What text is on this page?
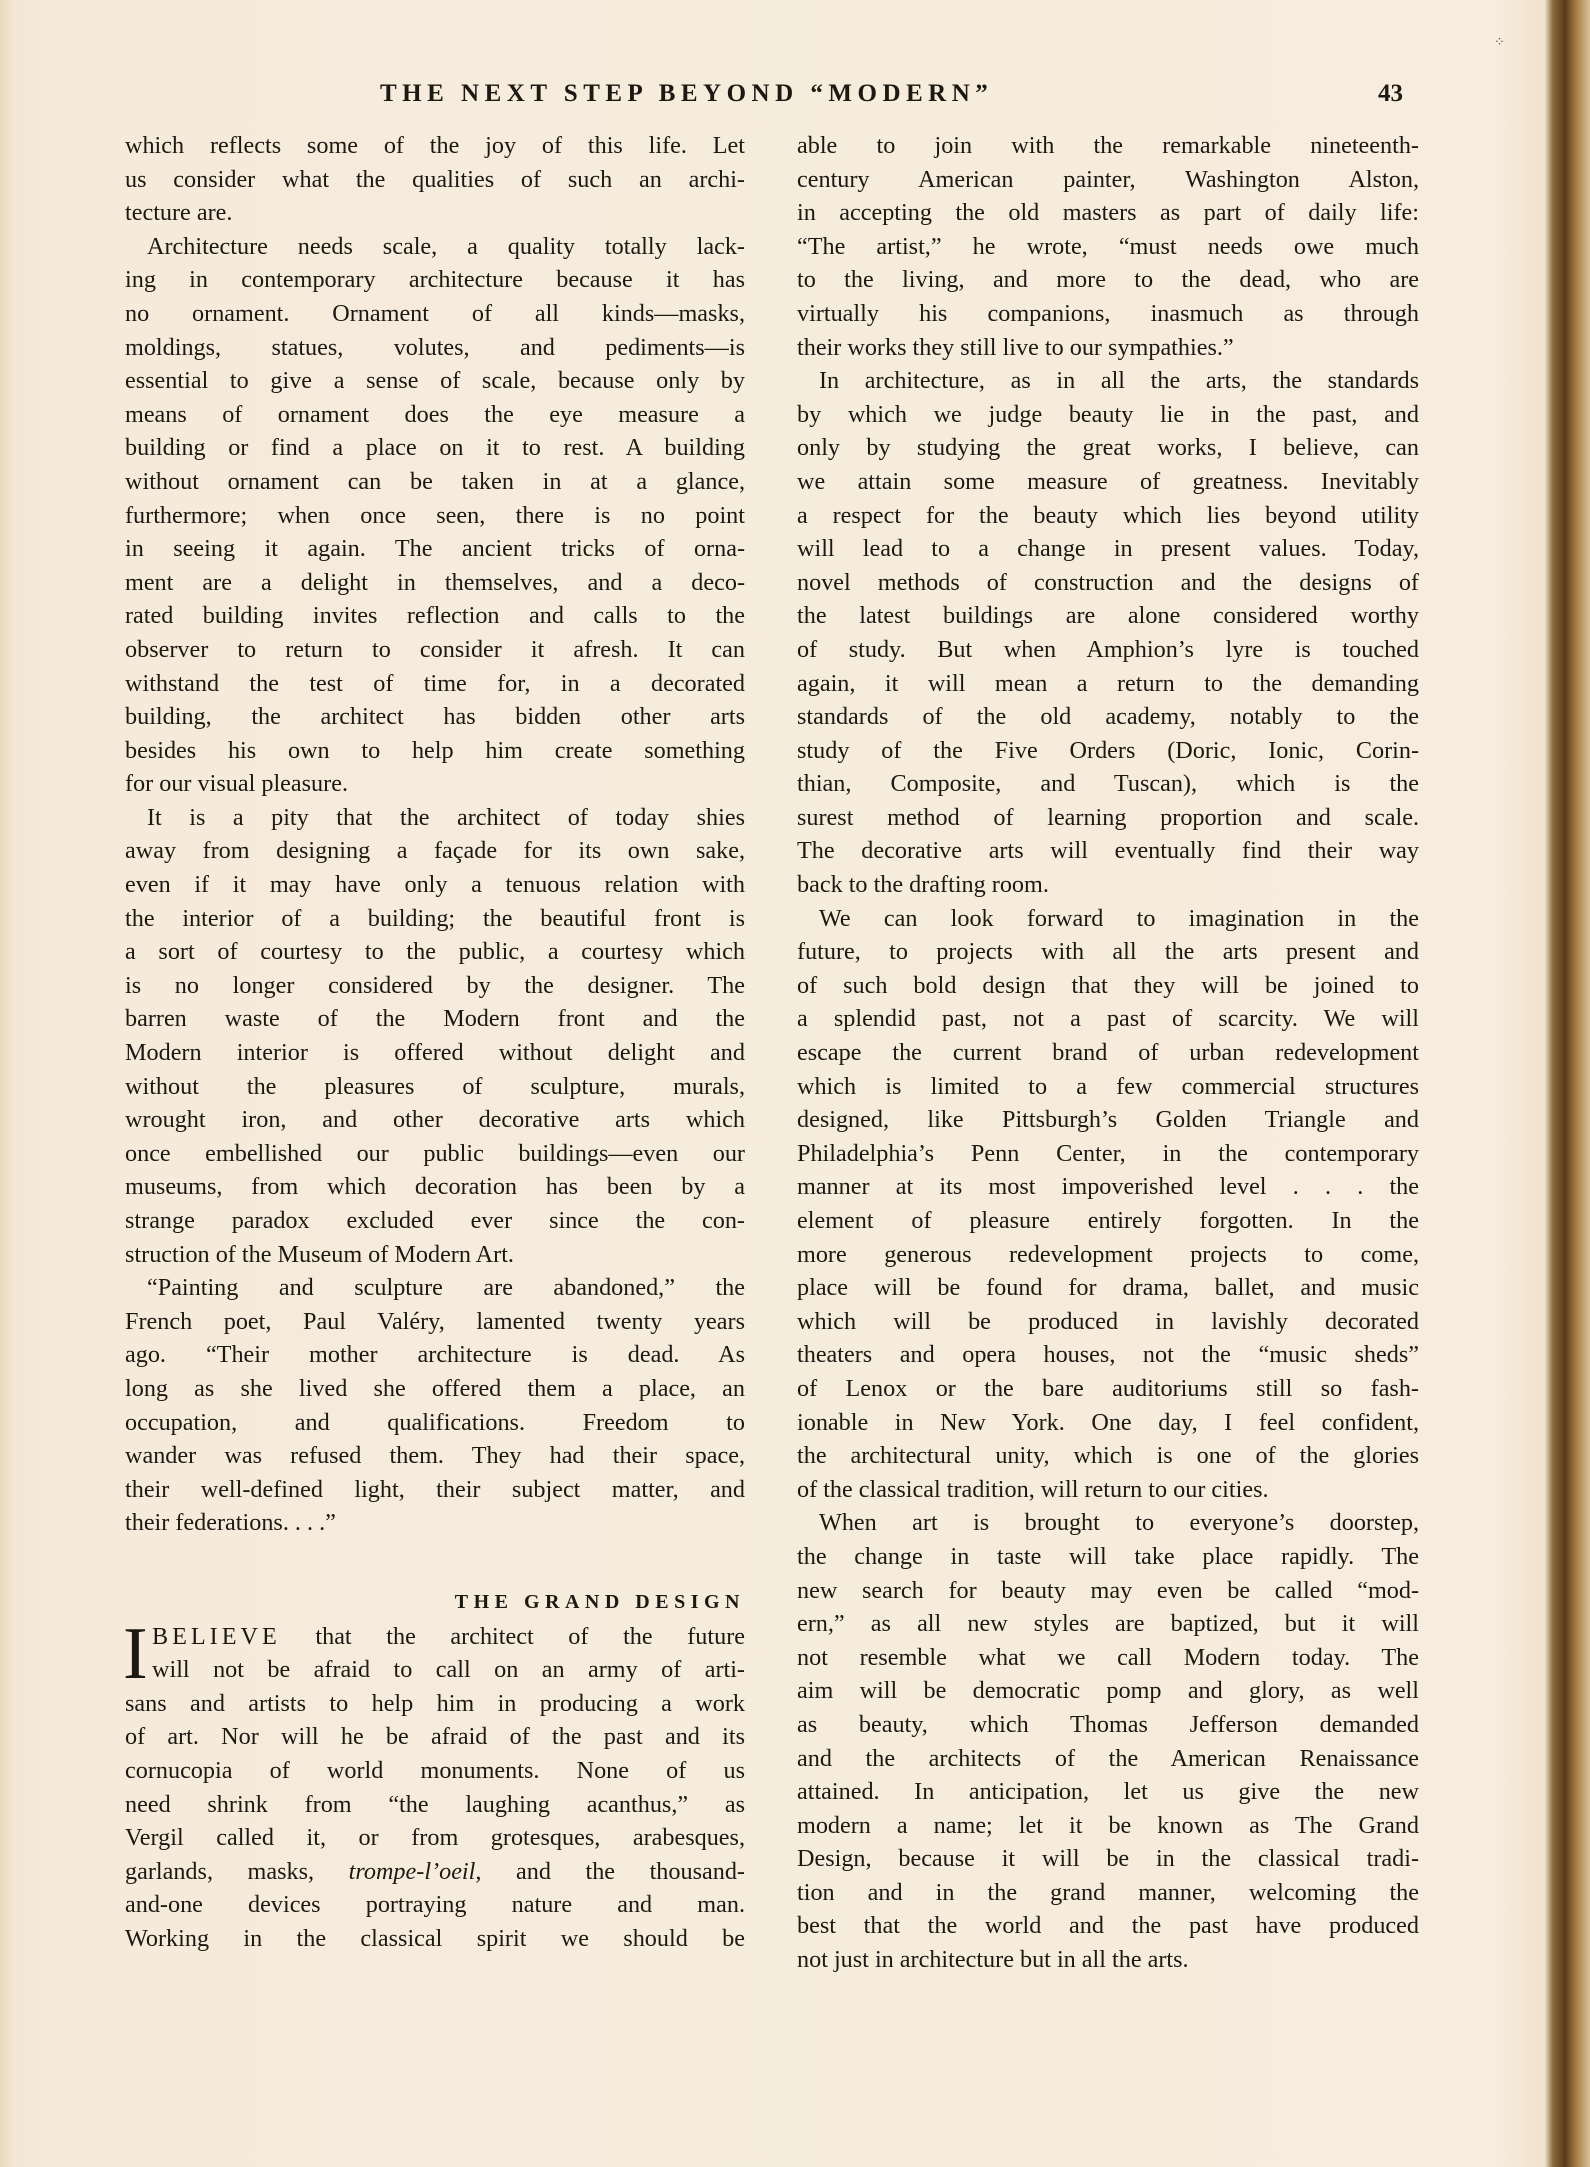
⁘
THE NEXT STEP BEYOND “MODERN”	43
which reflects some of the joy of this life. Let
us consider what the qualities of such an archi-
tecture are.
Architecture needs scale, a quality totally lack-
ing in contemporary architecture because it has
no ornament. Ornament of all kinds—masks,
moldings, statues, volutes, and pediments—is
essential to give a sense of scale, because only by
means of ornament does the eye measure a
building or find a place on it to rest. A building
without ornament can be taken in at a glance,
furthermore; when once seen, there is no point
in seeing it again. The ancient tricks of orna-
ment are a delight in themselves, and a deco-
rated building invites reflection and calls to the
observer to return to consider it afresh. It can
withstand the test of time for, in a decorated
building, the architect has bidden other arts
besides his own to help him create something
for our visual pleasure.
It is a pity that the architect of today shies
away from designing a façade for its own sake,
even if it may have only a tenuous relation with
the interior of a building; the beautiful front is
a sort of courtesy to the public, a courtesy which
is no longer considered by the designer. The
barren waste of the Modern front and the
Modern interior is offered without delight and
without the pleasures of sculpture, murals,
wrought iron, and other decorative arts which
once embellished our public buildings—even our
museums, from which decoration has been by a
strange paradox excluded ever since the con-
struction of the Museum of Modern Art.
“Painting and sculpture are abandoned,” the
French poet, Paul Valéry, lamented twenty years
ago. “Their mother architecture is dead. As
long as she lived she offered them a place, an
occupation, and qualifications. Freedom to
wander was refused them. They had their space,
their well-defined light, their subject matter, and
their federations. . . .”
THE GRAND DESIGN
I BELIEVE that the architect of the future
will not be afraid to call on an army of arti-
sans and artists to help him in producing a work
of art. Nor will he be afraid of the past and its
cornucopia of world monuments. None of us
need shrink from “the laughing acanthus,” as
Vergil called it, or from grotesques, arabesques,
garlands, masks, trompe-l’oeil, and the thousand-
and-one devices portraying nature and man.
Working in the classical spirit we should be
able to join with the remarkable nineteenth-
century American painter, Washington Alston,
in accepting the old masters as part of daily life:
“The artist,” he wrote, “must needs owe much
to the living, and more to the dead, who are
virtually his companions, inasmuch as through
their works they still live to our sympathies.”
In architecture, as in all the arts, the standards
by which we judge beauty lie in the past, and
only by studying the great works, I believe, can
we attain some measure of greatness. Inevitably
a respect for the beauty which lies beyond utility
will lead to a change in present values. Today,
novel methods of construction and the designs of
the latest buildings are alone considered worthy
of study. But when Amphion’s lyre is touched
again, it will mean a return to the demanding
standards of the old academy, notably to the
study of the Five Orders (Doric, Ionic, Corin-
thian, Composite, and Tuscan), which is the
surest method of learning proportion and scale.
The decorative arts will eventually find their way
back to the drafting room.
We can look forward to imagination in the
future, to projects with all the arts present and
of such bold design that they will be joined to
a splendid past, not a past of scarcity. We will
escape the current brand of urban redevelopment
which is limited to a few commercial structures
designed, like Pittsburgh’s Golden Triangle and
Philadelphia’s Penn Center, in the contemporary
manner at its most impoverished level . . . the
element of pleasure entirely forgotten. In the
more generous redevelopment projects to come,
place will be found for drama, ballet, and music
which will be produced in lavishly decorated
theaters and opera houses, not the “music sheds”
of Lenox or the bare auditoriums still so fash-
ionable in New York. One day, I feel confident,
the architectural unity, which is one of the glories
of the classical tradition, will return to our cities.
When art is brought to everyone’s doorstep,
the change in taste will take place rapidly. The
new search for beauty may even be called “mod-
ern,” as all new styles are baptized, but it will
not resemble what we call Modern today. The
aim will be democratic pomp and glory, as well
as beauty, which Thomas Jefferson demanded
and the architects of the American Renaissance
attained. In anticipation, let us give the new
modern a name; let it be known as The Grand
Design, because it will be in the classical tradi-
tion and in the grand manner, welcoming the
best that the world and the past have produced
not just in architecture but in all the arts.
